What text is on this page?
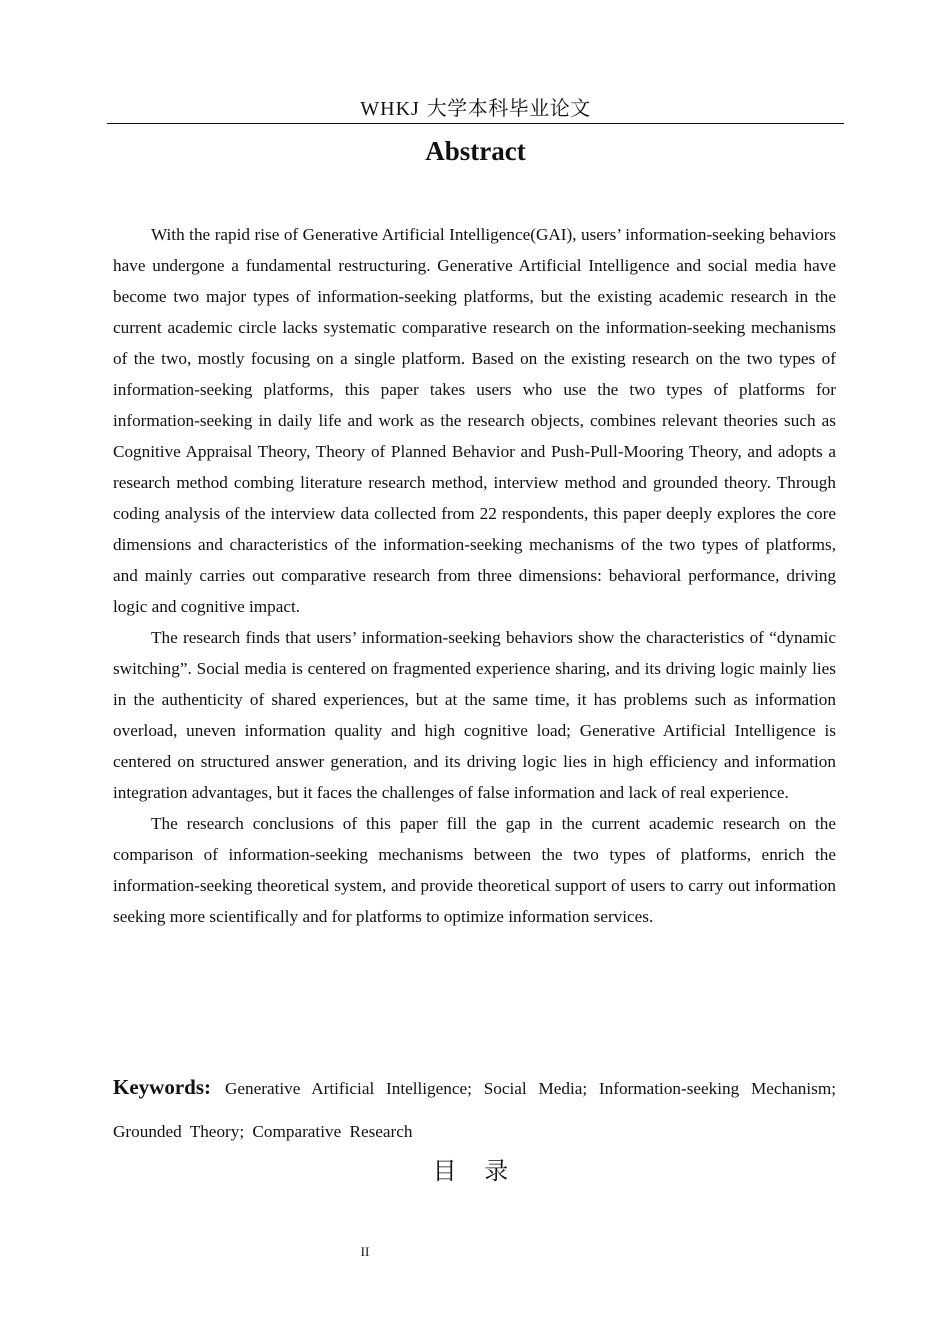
WHKJ 大学本科毕业论文
Abstract

With the rapid rise of Generative Artificial Intelligence(GAI), users’ information-seeking behaviors have undergone a fundamental restructuring. Generative Artificial Intelligence and social media have become two major types of information-seeking platforms, but the existing academic research in the current academic circle lacks systematic comparative research on the information-seeking mechanisms of the two, mostly focusing on a single platform. Based on the existing research on the two types of information-seeking platforms, this paper takes users who use the two types of platforms for information-seeking in daily life and work as the research objects, combines relevant theories such as Cognitive Appraisal Theory, Theory of Planned Behavior and Push-Pull-Mooring Theory, and adopts a research method combing literature research method, interview method and grounded theory. Through coding analysis of the interview data collected from 22 respondents, this paper deeply explores the core dimensions and characteristics of the information-seeking mechanisms of the two types of platforms, and mainly carries out comparative research from three dimensions: behavioral performance, driving logic and cognitive impact.

The research finds that users’ information-seeking behaviors show the characteristics of “dynamic switching”. Social media is centered on fragmented experience sharing, and its driving logic mainly lies in the authenticity of shared experiences, but at the same time, it has problems such as information overload, uneven information quality and high cognitive load; Generative Artificial Intelligence is centered on structured answer generation, and its driving logic lies in high efficiency and information integration advantages, but it faces the challenges of false information and lack of real experience.

The research conclusions of this paper fill the gap in the current academic research on the comparison of information-seeking mechanisms between the two types of platforms, enrich the information-seeking theoretical system, and provide theoretical support of users to carry out information seeking more scientifically and for platforms to optimize information services.

Keywords: Generative Artificial Intelligence; Social Media; Information-seeking Mechanism; Grounded Theory; Comparative Research
目 录
II
